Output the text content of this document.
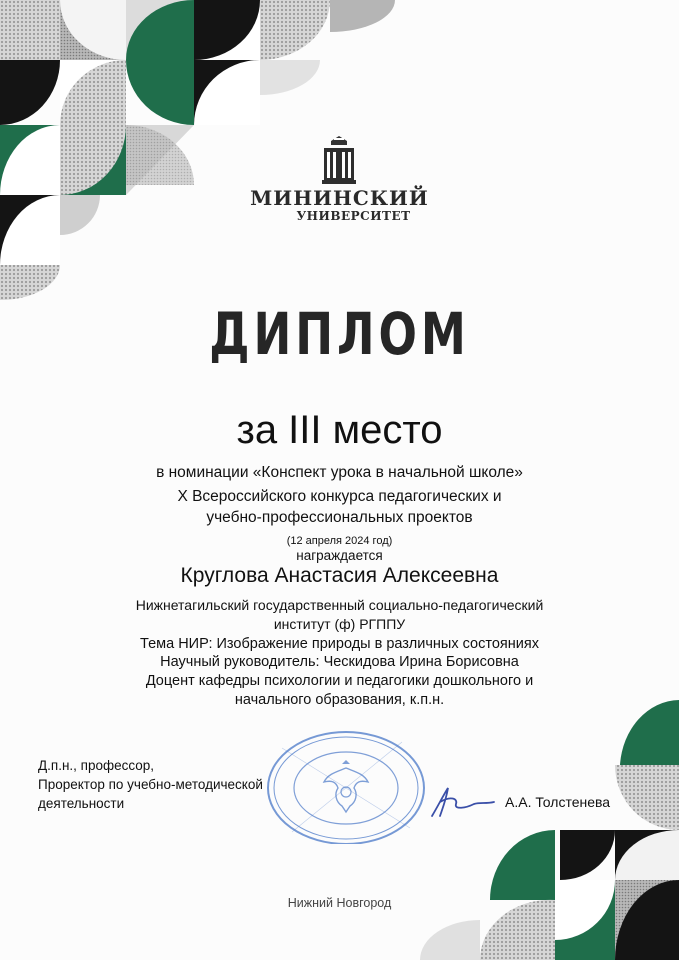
МИНИНСКИЙ
УНИВЕРСИТЕТ
ДИПЛОМ
за III место
в номинации «Конспект урока в начальной школе»
X Всероссийского конкурса педагогических и
учебно-профессиональных проектов
(12 апреля 2024 год)
награждается
Круглова Анастасия Алексеевна
Нижнетагильский государственный социально-педагогический
институт (ф) РГППУ
Тема НИР: Изображение природы в различных состояниях
Научный руководитель: Ческидова Ирина Борисовна
Доцент кафедры психологии и педагогики дошкольного и
начального образования, к.п.н.
Д.п.н., профессор,
Проректор по учебно-методической
деятельности	А.А. Толстенева
Нижний Новгород
